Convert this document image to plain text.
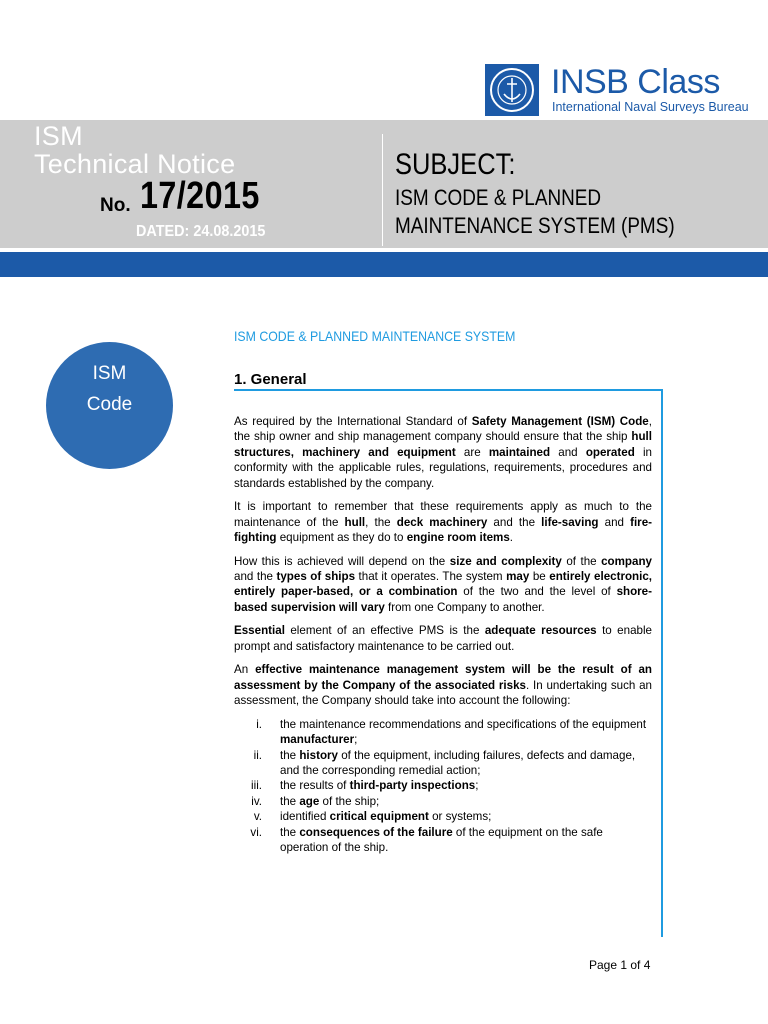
INSB Class
International Naval Surveys Bureau
ISM
Technical Notice
No. 17/2015
DATED: 24.08.2015
SUBJECT:
ISM CODE & PLANNED MAINTENANCE SYSTEM (PMS)
ISM
Code
ISM CODE & PLANNED MAINTENANCE SYSTEM
1. General

As required by the International Standard of Safety Management (ISM) Code, the ship owner and ship management company should ensure that the ship hull structures, machinery and equipment are maintained and operated in conformity with the applicable rules, regulations, requirements, procedures and standards established by the company.

It is important to remember that these requirements apply as much to the maintenance of the hull, the deck machinery and the life-saving and fire-fighting equipment as they do to engine room items.

How this is achieved will depend on the size and complexity of the company and the types of ships that it operates. The system may be entirely electronic, entirely paper-based, or a combination of the two and the level of shore-based supervision will vary from one Company to another.

Essential element of an effective PMS is the adequate resources to enable prompt and satisfactory maintenance to be carried out.

An effective maintenance management system will be the result of an assessment by the Company of the associated risks. In undertaking such an assessment, the Company should take into account the following:

i. the maintenance recommendations and specifications of the equipment manufacturer;
ii. the history of the equipment, including failures, defects and damage, and the corresponding remedial action;
iii. the results of third-party inspections;
iv. the age of the ship;
v. identified critical equipment or systems;
vi. the consequences of the failure of the equipment on the safe operation of the ship.
Page 1 of 4
